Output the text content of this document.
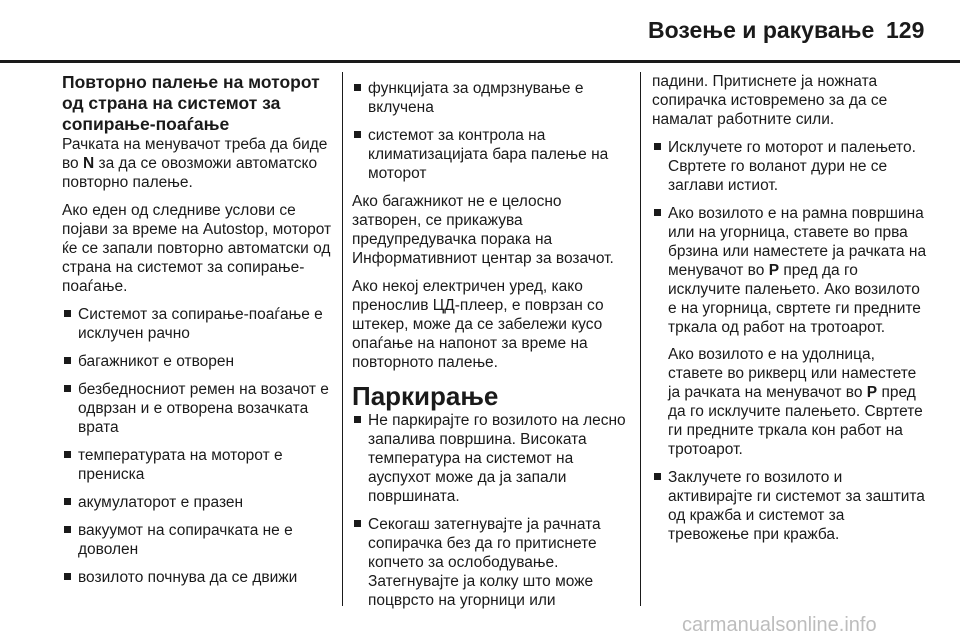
Возење и ракување 129

Повторно палење на моторот од страна на системот за сопирање-поаѓање

Рачката на менувачот треба да биде во N за да се овозможи автоматско повторно палење.

Ако еден од следниве услови се појави за време на Autostop, моторот ќе се запали повторно автоматски од страна на системот за сопирање-поаѓање.

Системот за сопирање-поаѓање е исклучен рачно
багажникот е отворен
безбедносниот ремен на возачот е одврзан и е отворена возачката врата
температурата на моторот е прениска
акумулаторот е празен
вакуумот на сопирачката не е доволен
возилото почнува да се движи
функцијата за одмрзнување е вклучена
системот за контрола на климатизацијата бара палење на моторот

Ако багажникот не е целосно затворен, се прикажува предупредувачка порака на Информативниот центар за возачот.

Ако некој електричен уред, како пренослив ЦД-плеер, е поврзан со штекер, може да се забележи кусо опаѓање на напонот за време на повторното палење.

Паркирање

Не паркирајте го возилото на лесно запалива површина. Високата температура на системот на ауспухот може да ја запали површината.
Секогаш затегнувајте ја рачната сопирачка без да го притиснете копчето за ослободување. Затегнувајте ја колку што може поцврсто на угорници или

падини. Притиснете ја ножната сопирачка истовремено за да се намалат работните сили.

Исклучете го моторот и палењето. Свртете го воланот дури не се заглави истиот.
Ако возилото е на рамна површина или на угорница, ставете во прва брзина или наместете ја рачката на менувачот во P пред да го исклучите палењето. Ако возилото е на угорница, свртете ги предните тркала од работ на тротоарот.
Ако возилото е на удолница, ставете во рикверц или наместете ја рачката на менувачот во P пред да го исклучите палењето. Свртете ги предните тркала кон работ на тротоарот.
Заклучете го возилото и активирајте ги системот за заштита од кражба и системот за тревожење при кражба.
carmanualsonline.info
